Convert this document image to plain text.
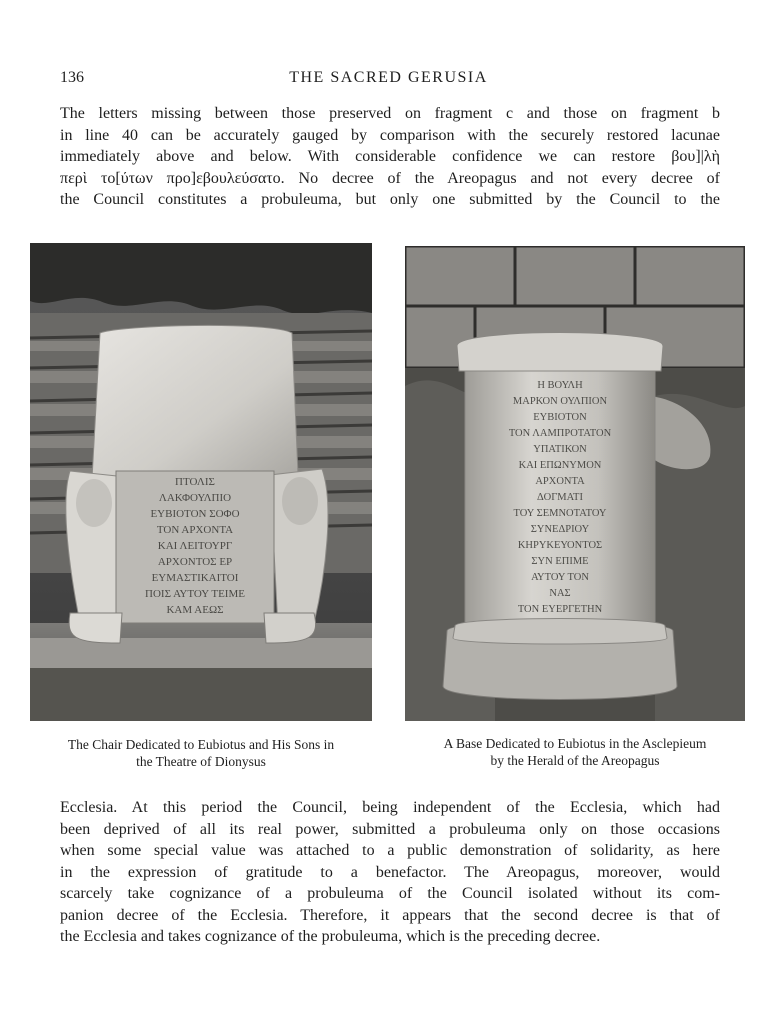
136	THE SACRED GERUSIA
The letters missing between those preserved on fragment c and those on fragment b
in line 40 can be accurately gauged by comparison with the securely restored lacunae
immediately above and below. With considerable confidence we can restore βου]|λὴ
περὶ το[ύτων προ]εβουλεύσατο. No decree of the Areopagus and not every decree of
the Council constitutes a probuleuma, but only one submitted by the Council to the
ΠΤΟΛΙΣ
ΛΑΚΦΟΥΛΠΙΟ
ΕΥΒΙΟΤΟΝ ΣΟΦΟ
ΤΟΝ ΑΡΧΟΝΤΑ
ΚΑΙ ΛΕΙΤΟΥΡΓ
ΑΡΧΟΝΤΟΣ ΕΡ
ΕΥΜΑΣΤΙΚΑΙΤΟΙ
ΠΟΙΣ ΑΥΤΟΥ ΤΕΙΜΕ
ΚΑΜ ΑΕΩΣ
Η ΒΟΥΛΗ
ΜΑΡΚΟΝ ΟΥΛΠΙΟΝ
ΕΥΒΙΟΤΟΝ
ΤΟΝ ΛΑΜΠΡΟΤΑΤΟΝ
ΥΠΑΤΙΚΟΝ
ΚΑΙ ΕΠΩΝΥΜΟΝ
ΑΡΧΟΝΤΑ
ΔΟΓΜΑΤΙ
ΤΟΥ ΣΕΜΝΟΤΑΤΟΥ
ΣΥΝΕΔΡΙΟΥ
ΚΗΡΥΚΕΥΟΝΤΟΣ
ΣΥΝ ΕΠΙΜΕ
ΑΥΤΟΥ ΤΟΝ
ΝΑΣ
ΤΟΝ ΕΥΕΡΓΕΤΗΝ
The Chair Dedicated to Eubiotus and His Sons in
the Theatre of Dionysus
A Base Dedicated to Eubiotus in the Asclepieum
by the Herald of the Areopagus
Ecclesia. At this period the Council, being independent of the Ecclesia, which had
been deprived of all its real power, submitted a probuleuma only on those occasions
when some special value was attached to a public demonstration of solidarity, as here
in the expression of gratitude to a benefactor. The Areopagus, moreover, would
scarcely take cognizance of a probuleuma of the Council isolated without its com-
panion decree of the Ecclesia. Therefore, it appears that the second decree is that of
the Ecclesia and takes cognizance of the probuleuma, which is the preceding decree.
